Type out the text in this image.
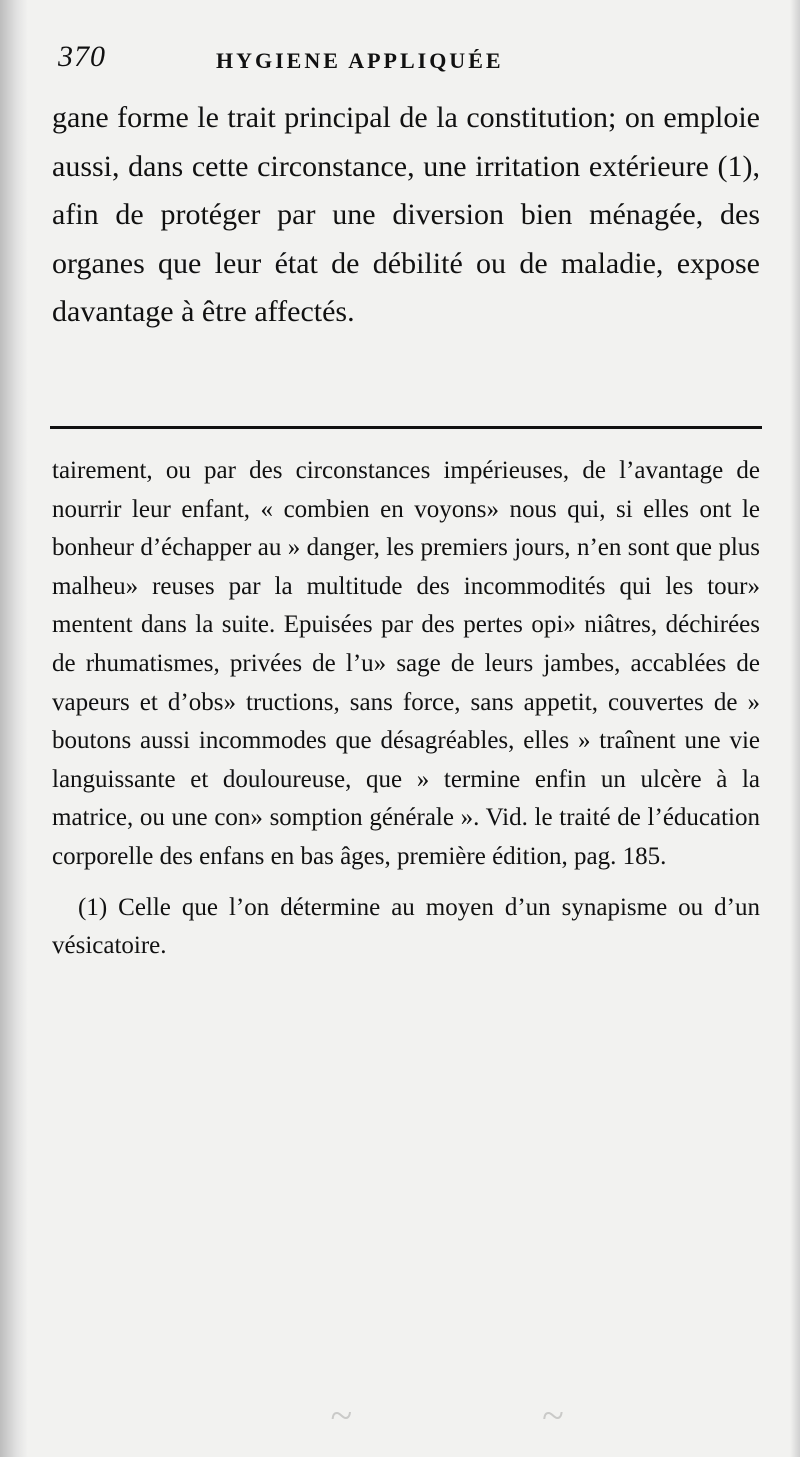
370	HYGIENE APPLIQUÉE

gane forme le trait principal de la constitution; on emploie aussi, dans cette circonstance, une irritation extérieure (1), afin de protéger par une diversion bien ménagée, des organes que leur état de débilité ou de maladie, expose davantage à être affectés.

tairement, ou par des circonstances impérieuses, de l’avantage de nourrir leur enfant, « combien en voyons» nous qui, si elles ont le bonheur d’échapper au » danger, les premiers jours, n’en sont que plus malheu» reuses par la multitude des incommodités qui les tour» mentent dans la suite. Epuisées par des pertes opi» niâtres, déchirées de rhumatismes, privées de l’u» sage de leurs jambes, accablées de vapeurs et d’obs» tructions, sans force, sans appetit, couvertes de » boutons aussi incommodes que désagréables, elles » traînent une vie languissante et douloureuse, que » termine enfin un ulcère à la matrice, ou une con» somption générale ». Vid. le traité de l’éducation corporelle des enfans en bas âges, première édition, pag. 185.

(1) Celle que l’on détermine au moyen d’un synapisme ou d’un vésicatoire.

~	~
